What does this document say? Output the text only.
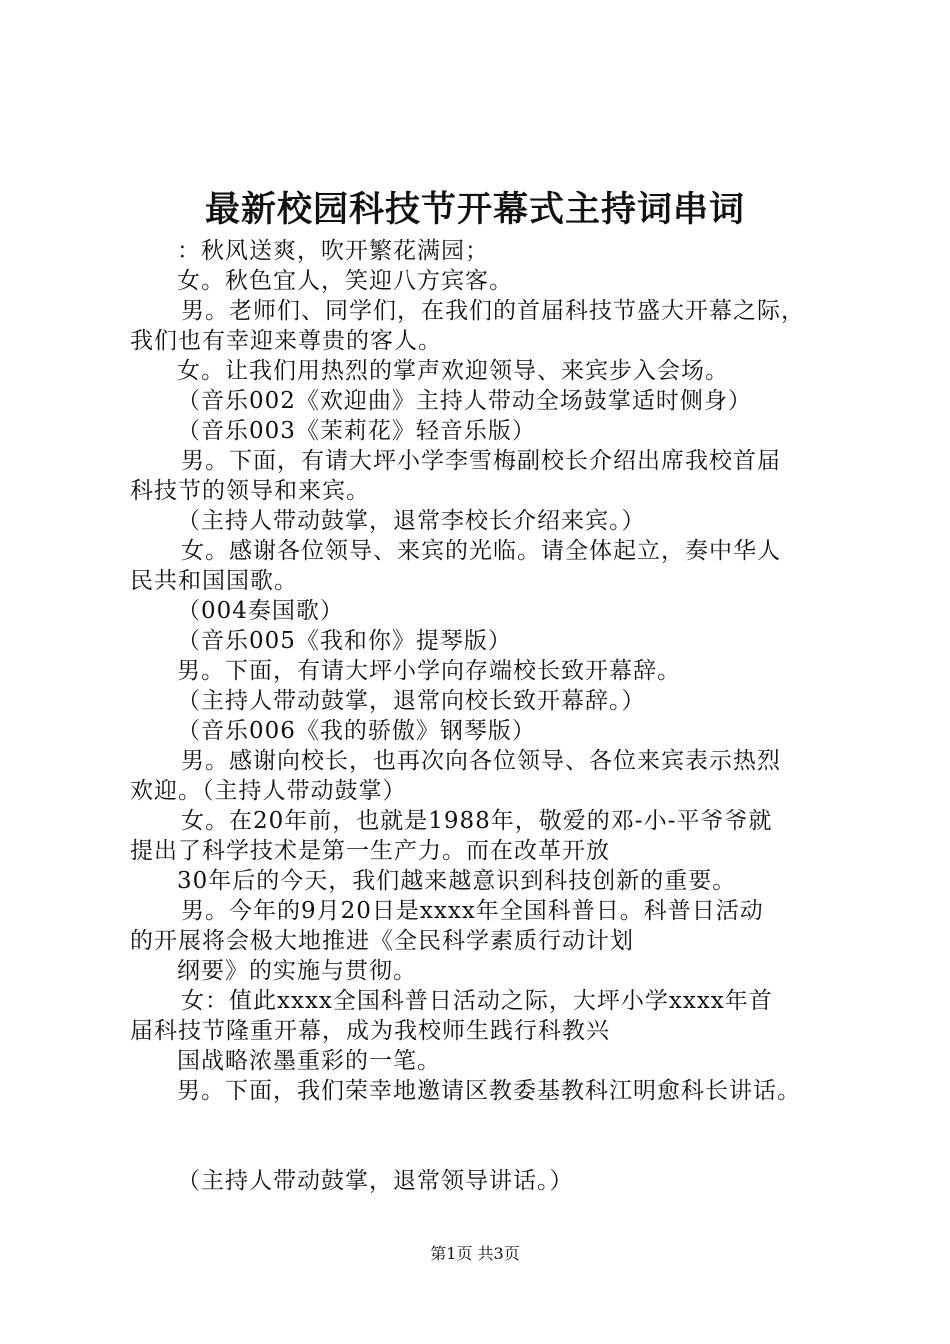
最新校园科技节开幕式主持词串词
：秋风送爽，吹开繁花满园；
女。秋色宜人，笑迎八方宾客。
男。老师们、同学们，在我们的首届科技节盛大开幕之际，
我们也有幸迎来尊贵的客人。
女。让我们用热烈的掌声欢迎领导、来宾步入会场。
（音乐002《欢迎曲》主持人带动全场鼓掌适时侧身）
（音乐003《茉莉花》轻音乐版）
男。下面，有请大坪小学李雪梅副校长介绍出席我校首届
科技节的领导和来宾。
（主持人带动鼓掌，退常李校长介绍来宾。）
女。感谢各位领导、来宾的光临。请全体起立，奏中华人
民共和国国歌。
（004奏国歌）
（音乐005《我和你》提琴版）
男。下面，有请大坪小学向存端校长致开幕辞。
（主持人带动鼓掌，退常向校长致开幕辞。）
（音乐006《我的骄傲》钢琴版）
男。感谢向校长，也再次向各位领导、各位来宾表示热烈
欢迎。（主持人带动鼓掌）
女。在20年前，也就是1988年，敬爱的邓-小-平爷爷就
提出了科学技术是第一生产力。而在改革开放
30年后的今天，我们越来越意识到科技创新的重要。
男。今年的9月20日是xxxx年全国科普日。科普日活动
的开展将会极大地推进《全民科学素质行动计划
纲要》的实施与贯彻。
女：值此xxxx全国科普日活动之际，大坪小学xxxx年首
届科技节隆重开幕，成为我校师生践行科教兴
国战略浓墨重彩的一笔。
男。下面，我们荣幸地邀请区教委基教科江明愈科长讲话。
（主持人带动鼓掌，退常领导讲话。）
第1页 共3页
